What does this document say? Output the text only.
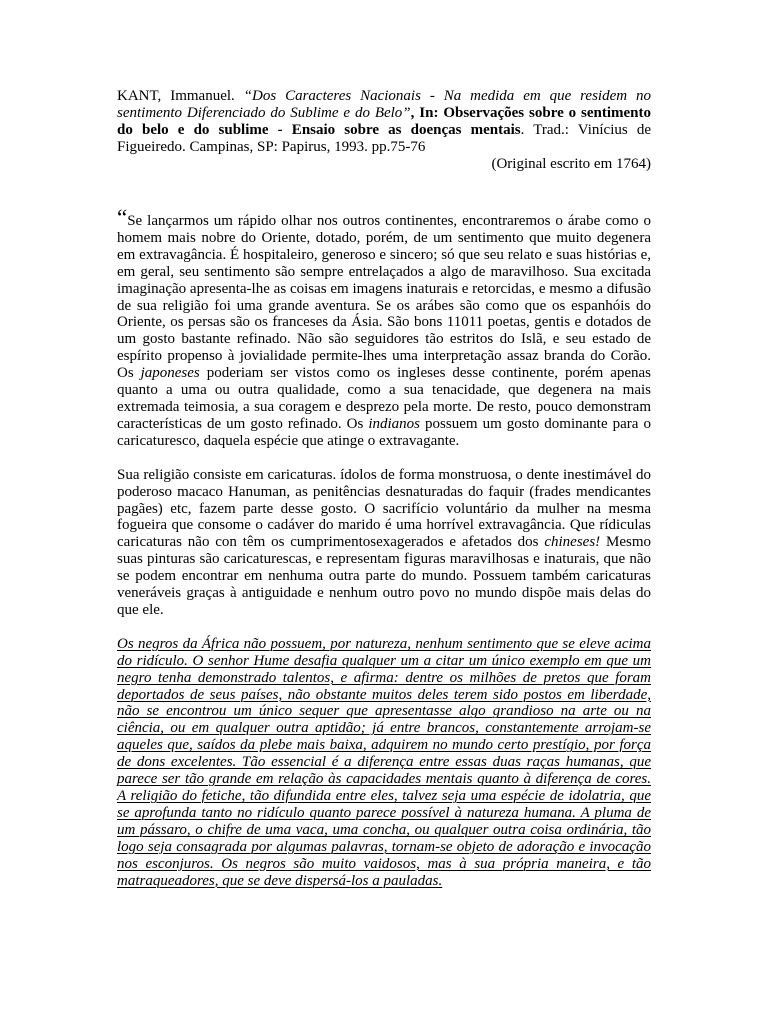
KANT, Immanuel. “Dos Caracteres Nacionais - Na medida em que residem no sentimento Diferenciado do Sublime e do Belo”, In: Observações sobre o sentimento do belo e do sublime - Ensaio sobre as doenças mentais. Trad.: Vinícius de Figueiredo. Campinas, SP: Papirus, 1993. pp.75-76

(Original escrito em 1764)

“Se lançarmos um rápido olhar nos outros continentes, encontraremos o árabe como o homem mais nobre do Oriente, dotado, porém, de um sentimento que muito degenera em extravagância. É hospitaleiro, generoso e sincero; só que seu relato e suas histórias e, em geral, seu sentimento são sempre entrelaçados a algo de maravilhoso. Sua excitada imaginação apresenta-lhe as coisas em imagens inaturais e retorcidas, e mesmo a difusão de sua religião foi uma grande aventura. Se os arábes são como que os espanhóis do Oriente, os persas são os franceses da Ásia. São bons 11011 poetas, gentis e dotados de um gosto bastante refinado. Não são seguidores tão estritos do Islã, e seu estado de espírito propenso à jovialidade permite-lhes uma interpretação assaz branda do Corão. Os japoneses poderiam ser vistos como os ingleses desse continente, porém apenas quanto a uma ou outra qualidade, como a sua tenacidade, que degenera na mais extremada teimosia, a sua coragem e desprezo pela morte. De resto, pouco demonstram características de um gosto refinado. Os indianos possuem um gosto dominante para o caricaturesco, daquela espécie que atinge o extravagante.

Sua religião consiste em caricaturas. ídolos de forma monstruosa, o dente inestimável do poderoso macaco Hanuman, as penitências desnaturadas do faquir (frades mendicantes pagães) etc, fazem parte desse gosto. O sacrifício voluntário da mulher na mesma fogueira que consome o cadáver do marido é uma horrível extravagância. Que rídiculas caricaturas não con têm os cumprimentosexagerados e afetados dos chineses! Mesmo suas pinturas são caricaturescas, e representam figuras maravilhosas e inaturais, que não se podem encontrar em nenhuma outra parte do mundo. Possuem também caricaturas veneráveis graças à antiguidade e nenhum outro povo no mundo dispõe mais delas do que ele.

Os negros da África não possuem, por natureza, nenhum sentimento que se eleve acima do ridículo. O senhor Hume desafia qualquer um a citar um único exemplo em que um negro tenha demonstrado talentos, e afirma: dentre os milhões de pretos que foram deportados de seus países, não obstante muitos deles terem sido postos em liberdade, não se encontrou um único sequer que apresentasse algo grandioso na arte ou na ciência, ou em qualquer outra aptidão; já entre brancos, constantemente arrojam-se aqueles que, saídos da plebe mais baixa, adquirem no mundo certo prestígio, por força de dons excelentes. Tão essencial é a diferença entre essas duas raças humanas, que parece ser tão grande em relação às capacidades mentais quanto à diferença de cores. A religião do fetiche, tão difundida entre eles, talvez seja uma espécie de idolatria, que se aprofunda tanto no ridículo quanto parece possível à natureza humana. A pluma de um pássaro, o chifre de uma vaca, uma concha, ou qualquer outra coisa ordinária, tão logo seja consagrada por algumas palavras, tornam-se objeto de adoração e invocação nos esconjuros. Os negros são muito vaidosos, mas à sua própria maneira, e tão matraqueadores, que se deve dispersá-los a pauladas.
